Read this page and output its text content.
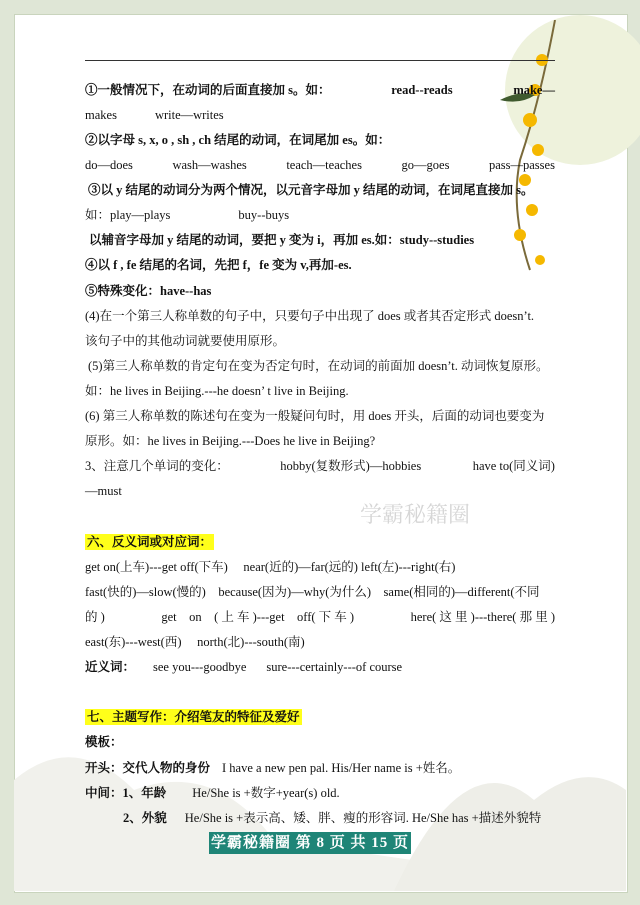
学霸秘籍圈
①一般情况下，在动词的后面直接加 s。如：	read--reads	make—
makes	write—writes
②以字母 s, x, o , sh , ch 结尾的动词，在词尾加 es。如：
do—does	wash—washes	teach—teaches	go—goes	pass—passes
③以 y 结尾的动词分为两个情况，以元音字母加 y 结尾的动词，在词尾直接加 s。
如：play—plays	buy--buys
以辅音字母加 y 结尾的动词，要把 y 变为 i，再加 es.如：study--studies
④以 f , fe 结尾的名词，先把 f，fe 变为 v,再加-es.
⑤特殊变化：have--has
(4)在一个第三人称单数的句子中，只要句子中出现了 does 或者其否定形式 doesn’t.
该句子中的其他动词就要使用原形。
(5)第三人称单数的肯定句在变为否定句时，在动词的前面加 doesn’t. 动词恢复原形。
如：he lives in Beijing.---he doesn’ t live in Beijing.
(6) 第三人称单数的陈述句在变为一般疑问句时，用 does 开头，后面的动词也要变为
原形。如：he lives in Beijing.---Does he live in Beijing?
3、注意几个单词的变化：	hobby(复数形式)—hobbies	have to(同义词)
—must
六、反义词或对应词：
get on(上车)---get off(下车)　 near(近的)—far(远的) left(左)---right(右)
fast(快的)—slow(慢的)　because(因为)—why(为什么)　same(相同的)—different(不同
的 )	get　on　( 上 车 )---get　off( 下 车 )	here( 这 里 )---there( 那 里 )
east(东)---west(西)　 north(北)---south(南)
近义词： see you---goodbye sure---certainly---of course
七、主题写作：介绍笔友的特征及爱好
模板：
开头：交代人物的身份 I have a new pen pal. His/Her name is +姓名。
中间：1、年龄 He/She is +数字+year(s) old.
2、外貌 He/She is +表示高、矮、胖、瘦的形容词. He/She has +描述外貌特
学霸秘籍圈 第 8 页 共 15 页
